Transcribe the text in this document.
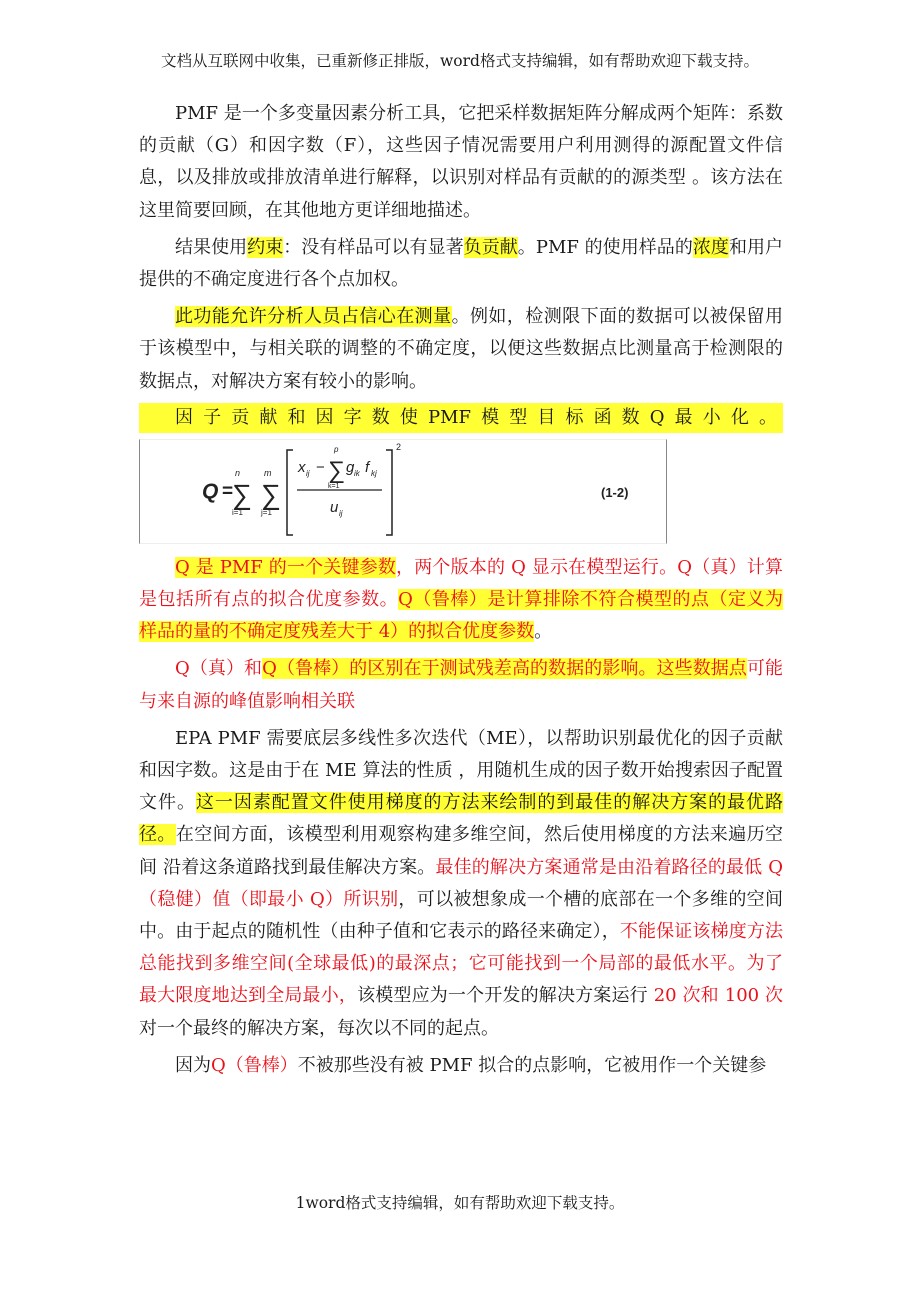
文档从互联网中收集，已重新修正排版，word格式支持编辑，如有帮助欢迎下载支持。

PMF 是一个多变量因素分析工具，它把采样数据矩阵分解成两个矩阵：系数的贡献（G）和因字数（F），这些因子情况需要用户利用测得的源配置文件信息，以及排放或排放清单进行解释，以识别对样品有贡献的的源类型 。该方法在这里简要回顾，在其他地方更详细地描述。

结果使用约束：没有样品可以有显著负贡献。PMF 的使用样品的浓度和用户提供的不确定度进行各个点加权。

此功能允许分析人员占信心在测量。例如，检测限下面的数据可以被保留用于该模型中，与相关联的调整的不确定度，以便这些数据点比测量高于检测限的数据点，对解决方案有较小的影响。

因 子 贡 献 和 因 字 数 使 PMF 模 型 目 标 函 数 Q 最 小 化 。
Q =
n
∑
i=1
m
∑
j=1
2
x ij −
p
∑
k=1
g ik f kj
u ij
(1-2)

Q 是 PMF 的一个关键参数，两个版本的 Q 显示在模型运行。Q（真）计算是包括所有点的拟合优度参数。Q（鲁棒）是计算排除不符合模型的点（定义为样品的量的不确定度残差大于 4）的拟合优度参数。

Q（真）和Q（鲁棒）的区别在于测试残差高的数据的影响。这些数据点可能与来自源的峰值影响相关联

EPA PMF 需要底层多线性多次迭代（ME），以帮助识别最优化的因子贡献和因字数。这是由于在 ME 算法的性质 ，用随机生成的因子数开始搜索因子配置文件。这一因素配置文件使用梯度的方法来绘制的到最佳的解决方案的最优路径。在空间方面，该模型利用观察构建多维空间，然后使用梯度的方法来遍历空间 沿着这条道路找到最佳解决方案。最佳的解决方案通常是由沿着路径的最低 Q（稳健）值（即最小 Q）所识别，可以被想象成一个槽的底部在一个多维的空间中。由于起点的随机性（由种子值和它表示的路径来确定），不能保证该梯度方法总能找到多维空间(全球最低)的最深点；它可能找到一个局部的最低水平。为了最大限度地达到全局最小，该模型应为一个开发的解决方案运行 20 次和 100 次对一个最终的解决方案，每次以不同的起点。

因为Q（鲁棒）不被那些没有被 PMF 拟合的点影响，它被用作一个关键参

1word格式支持编辑，如有帮助欢迎下载支持。
